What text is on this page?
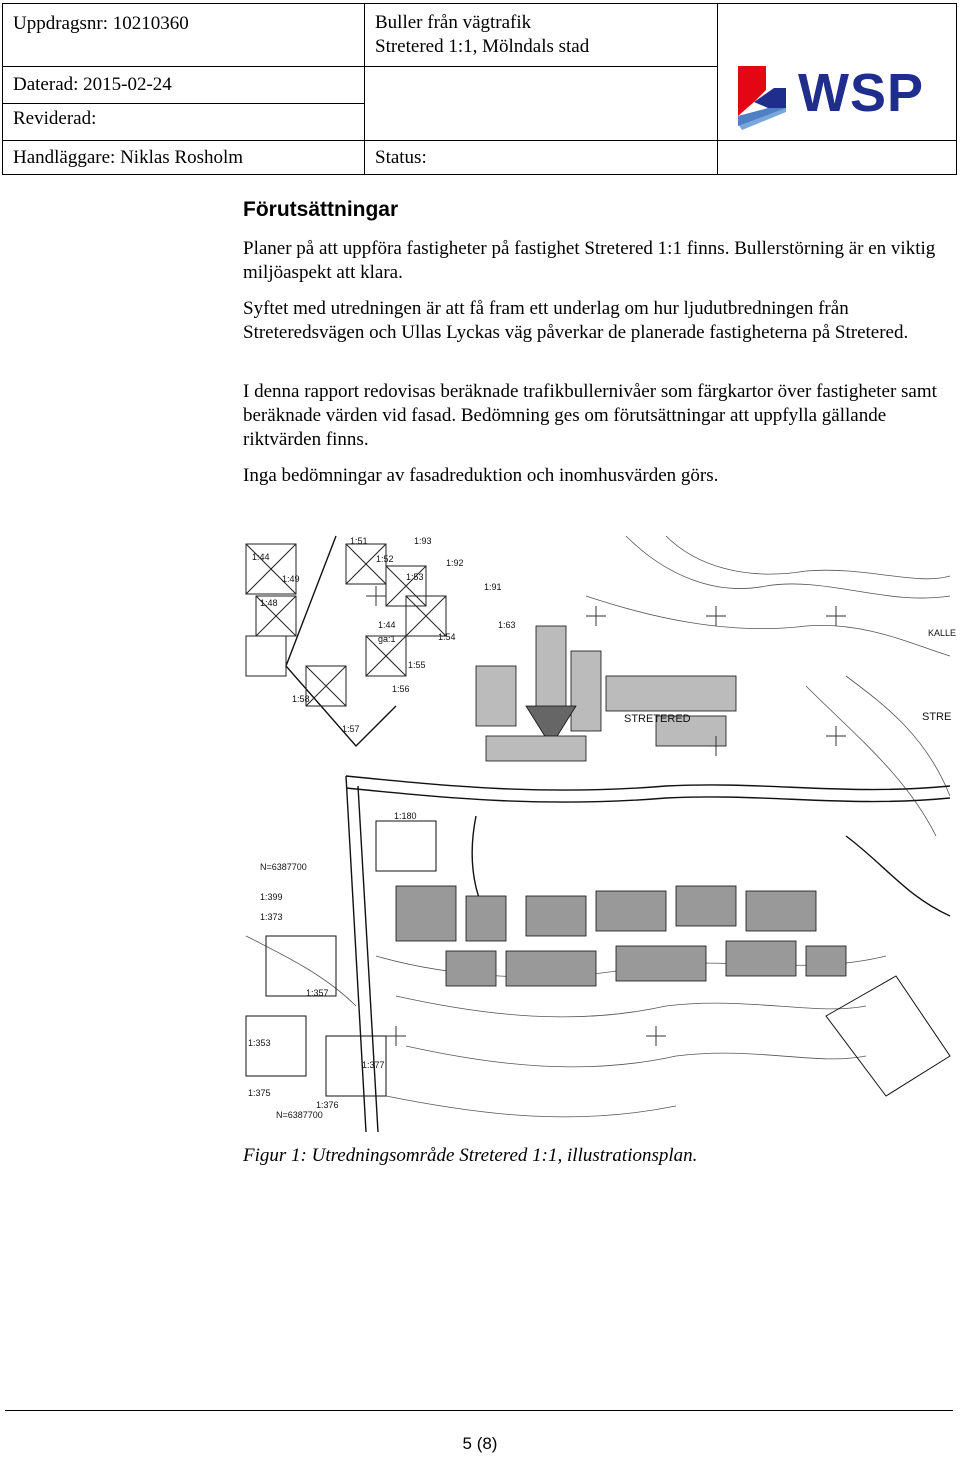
Uppdragsnr: 10210360	Buller från vägtrafik
Stretered 1:1, Mölndals stad
Daterad: 2015-02-24
Reviderad:
Handläggare: Niklas Rosholm	Status:
WSP
Förutsättningar

Planer på att uppföra fastigheter på fastighet Stretered 1:1 finns. Bullerstörning är en viktig miljöaspekt att klara.

Syftet med utredningen är att få fram ett underlag om hur ljudutbredningen från Streteredsvägen och Ullas Lyckas väg påverkar de planerade fastigheterna på Stretered.

I denna rapport redovisas beräknade trafikbullernivåer som färgkartor över fastigheter samt beräknade värden vid fasad. Bedömning ges om förutsättningar att uppfylla gällande riktvärden finns.

Inga bedömningar av fasadreduktion och inomhusvärden görs.

1:44
1:49
1:48
1:51
1:52
1:53
1:93
1:92
1:91
1:63
1:54
1:44
ga:1
1:55
1:56
1:58
1:57
1:180
N=6387700
1:399
1:373
1:357
1:353
1:377
1:375
1:376
N=6387700
STRETERED	STRE
KALLE
Figur 1: Utredningsområde Stretered 1:1, illustrationsplan.
5 (8)
